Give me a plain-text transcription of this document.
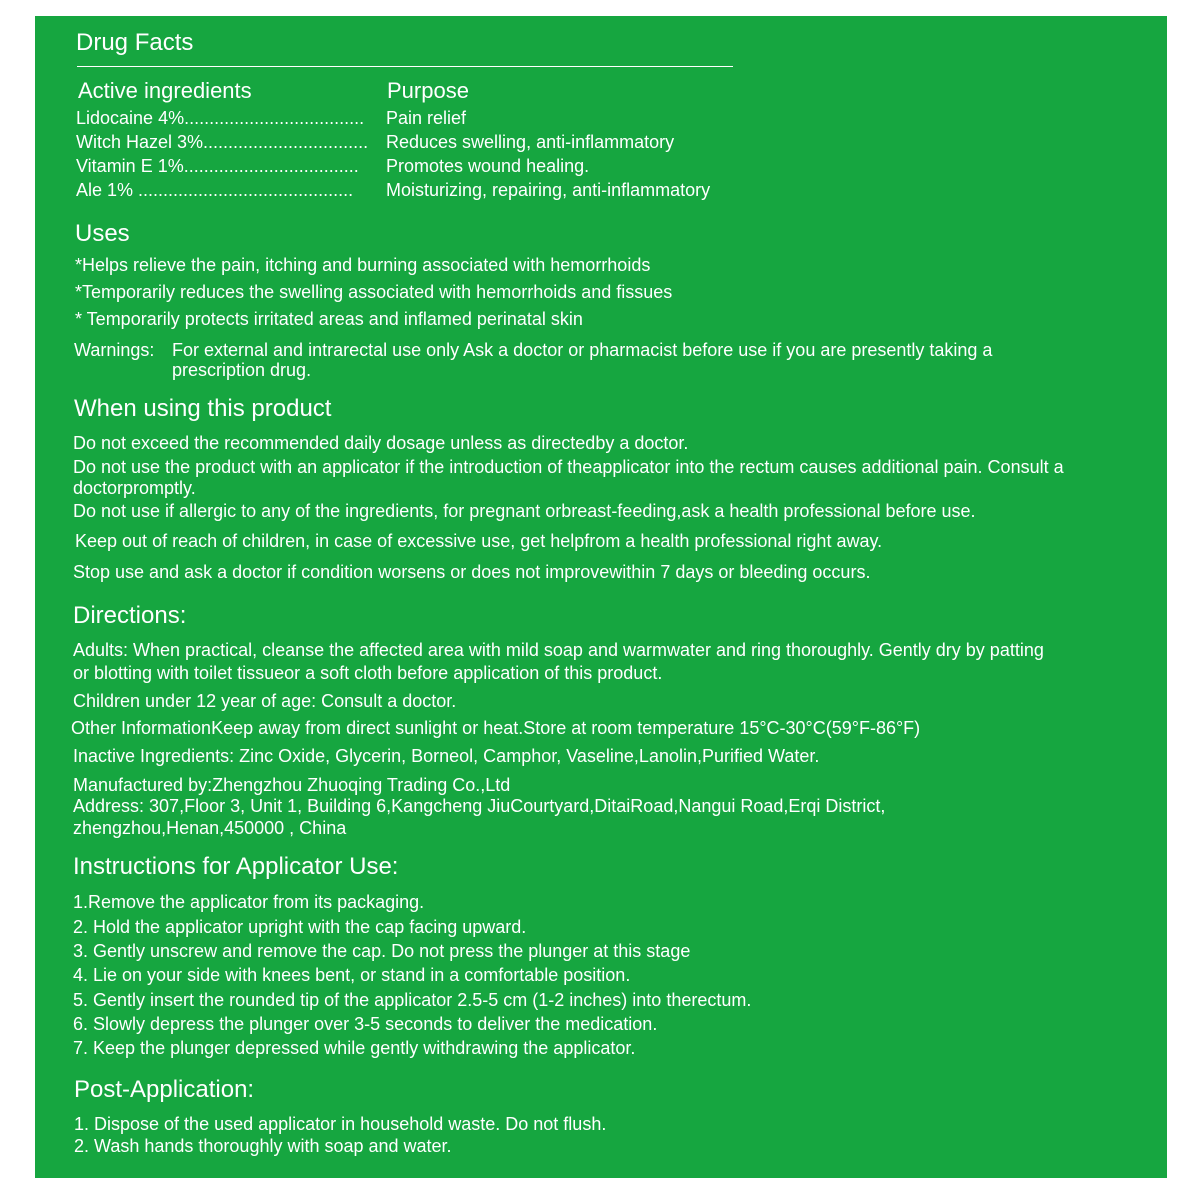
Drug Facts
Active ingredients	Purpose
Lidocaine 4%.................................... Pain relief
Witch Hazel 3%................................. Reduces swelling, anti-inflammatory
Vitamin E 1%................................... Promotes wound healing.
Ale 1% ........................................... Moisturizing, repairing, anti-inflammatory
Uses
*Helps relieve the pain, itching and burning associated with hemorrhoids
*Temporarily reduces the swelling associated with hemorrhoids and fissues
* Temporarily protects irritated areas and inflamed perinatal skin
Warnings: For external and intrarectal use only Ask a doctor or pharmacist before use if you are presently taking a
prescription drug.
When using this product
Do not exceed the recommended daily dosage unless as directedby a doctor.
Do not use the product with an applicator if the introduction of theapplicator into the rectum causes additional pain. Consult a
doctorpromptly.
Do not use if allergic to any of the ingredients, for pregnant orbreast-feeding,ask a health professional before use.
Keep out of reach of children, in case of excessive use, get helpfrom a health professional right away.
Stop use and ask a doctor if condition worsens or does not improvewithin 7 days or bleeding occurs.
Directions:
Adults: When practical, cleanse the affected area with mild soap and warmwater and ring thoroughly. Gently dry by patting
or blotting with toilet tissueor a soft cloth before application of this product.
Children under 12 year of age: Consult a doctor.
Other InformationKeep away from direct sunlight or heat.Store at room temperature 15°C-30°C(59°F-86°F)
Inactive Ingredients: Zinc Oxide, Glycerin, Borneol, Camphor, Vaseline,Lanolin,Purified Water.
Manufactured by:Zhengzhou Zhuoqing Trading Co.,Ltd
Address: 307,Floor 3, Unit 1, Building 6,Kangcheng JiuCourtyard,DitaiRoad,Nangui Road,Erqi District,
zhengzhou,Henan,450000 , China
Instructions for Applicator Use:
1.Remove the applicator from its packaging.
2. Hold the applicator upright with the cap facing upward.
3. Gently unscrew and remove the cap. Do not press the plunger at this stage
4. Lie on your side with knees bent, or stand in a comfortable position.
5. Gently insert the rounded tip of the applicator 2.5-5 cm (1-2 inches) into therectum.
6. Slowly depress the plunger over 3-5 seconds to deliver the medication.
7. Keep the plunger depressed while gently withdrawing the applicator.
Post-Application:
1. Dispose of the used applicator in household waste. Do not flush.
2. Wash hands thoroughly with soap and water.
